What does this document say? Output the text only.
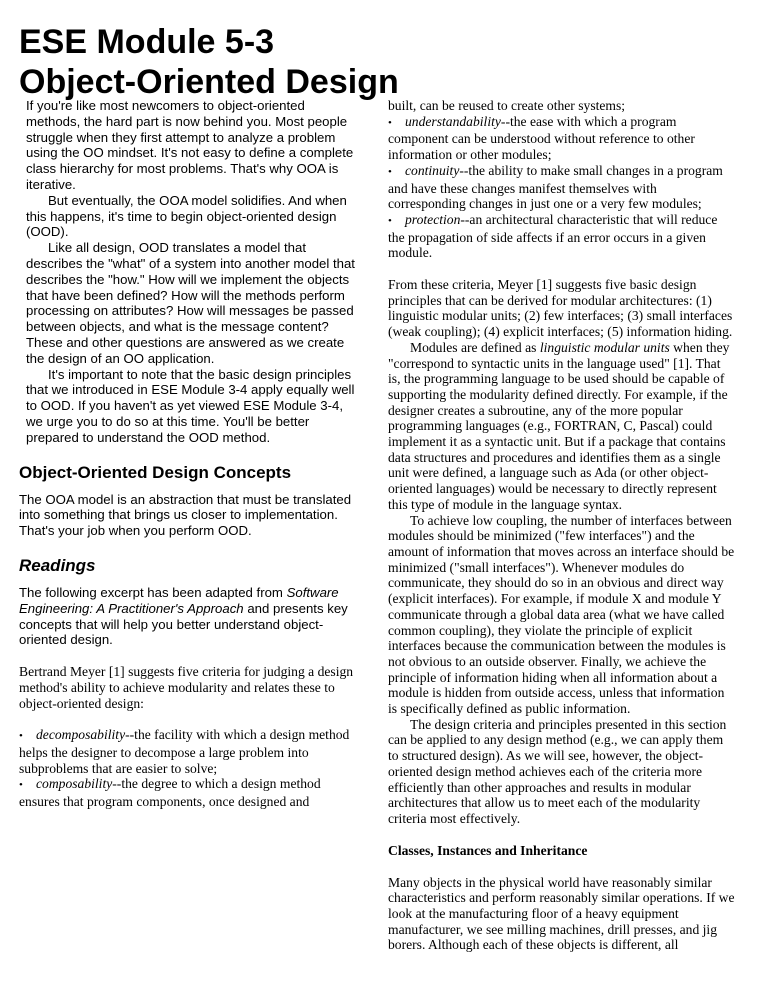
ESE Module 5-3
Object-Oriented Design

If you're like most newcomers to object-oriented methods, the hard part is now behind you. Most people struggle when they first attempt to analyze a problem using the OO mindset. It's not easy to define a complete class hierarchy for most problems. That's why OOA is iterative.

But eventually, the OOA model solidifies. And when this happens, it's time to begin object-oriented design (OOD).

Like all design, OOD translates a model that describes the "what" of a system into another model that describes the "how." How will we implement the objects that have been defined? How will the methods perform processing on attributes? How will messages be passed between objects, and what is the message content? These and other questions are answered as we create the design of an OO application.

It's important to note that the basic design principles that we introduced in ESE Module 3-4 apply equally well to OOD. If you haven't as yet viewed ESE Module 3-4, we urge you to do so at this time. You'll be better prepared to understand the OOD method.

Object-Oriented Design Concepts

The OOA model is an abstraction that must be translated into something that brings us closer to implementation. That's your job when you perform OOD.

Readings

The following excerpt has been adapted from Software Engineering: A Practitioner's Approach and presents key concepts that will help you better understand object-oriented design.

Bertrand Meyer [1] suggests five criteria for judging a design method's ability to achieve modularity and relates these to object-oriented design:

• decomposability--the facility with which a design method helps the designer to decompose a large problem into subproblems that are easier to solve;

• composability--the degree to which a design method ensures that program components, once designed and

built, can be reused to create other systems;

• understandability--the ease with which a program component can be understood without reference to other information or other modules;

• continuity--the ability to make small changes in a program and have these changes manifest themselves with corresponding changes in just one or a very few modules;

• protection--an architectural characteristic that will reduce the propagation of side affects if an error occurs in a given module.

From these criteria, Meyer [1] suggests five basic design principles that can be derived for modular architectures: (1) linguistic modular units; (2) few interfaces; (3) small interfaces (weak coupling); (4) explicit interfaces; (5) information hiding.

Modules are defined as linguistic modular units when they "correspond to syntactic units in the language used" [1]. That is, the programming language to be used should be capable of supporting the modularity defined directly. For example, if the designer creates a subroutine, any of the more popular programming languages (e.g., FORTRAN, C, Pascal) could implement it as a syntactic unit. But if a package that contains data structures and procedures and identifies them as a single unit were defined, a language such as Ada (or other object-oriented languages) would be necessary to directly represent this type of module in the language syntax.

To achieve low coupling, the number of interfaces between modules should be minimized ("few interfaces") and the amount of information that moves across an interface should be minimized ("small interfaces"). Whenever modules do communicate, they should do so in an obvious and direct way (explicit interfaces). For example, if module X and module Y communicate through a global data area (what we have called common coupling), they violate the principle of explicit interfaces because the communication between the modules is not obvious to an outside observer. Finally, we achieve the principle of information hiding when all information about a module is hidden from outside access, unless that information is specifically defined as public information.

The design criteria and principles presented in this section can be applied to any design method (e.g., we can apply them to structured design). As we will see, however, the object-oriented design method achieves each of the criteria more efficiently than other approaches and results in modular architectures that allow us to meet each of the modularity criteria most effectively.

Classes, Instances and Inheritance

Many objects in the physical world have reasonably similar characteristics and perform reasonably similar operations. If we look at the manufacturing floor of a heavy equipment manufacturer, we see milling machines, drill presses, and jig borers. Although each of these objects is different, all
